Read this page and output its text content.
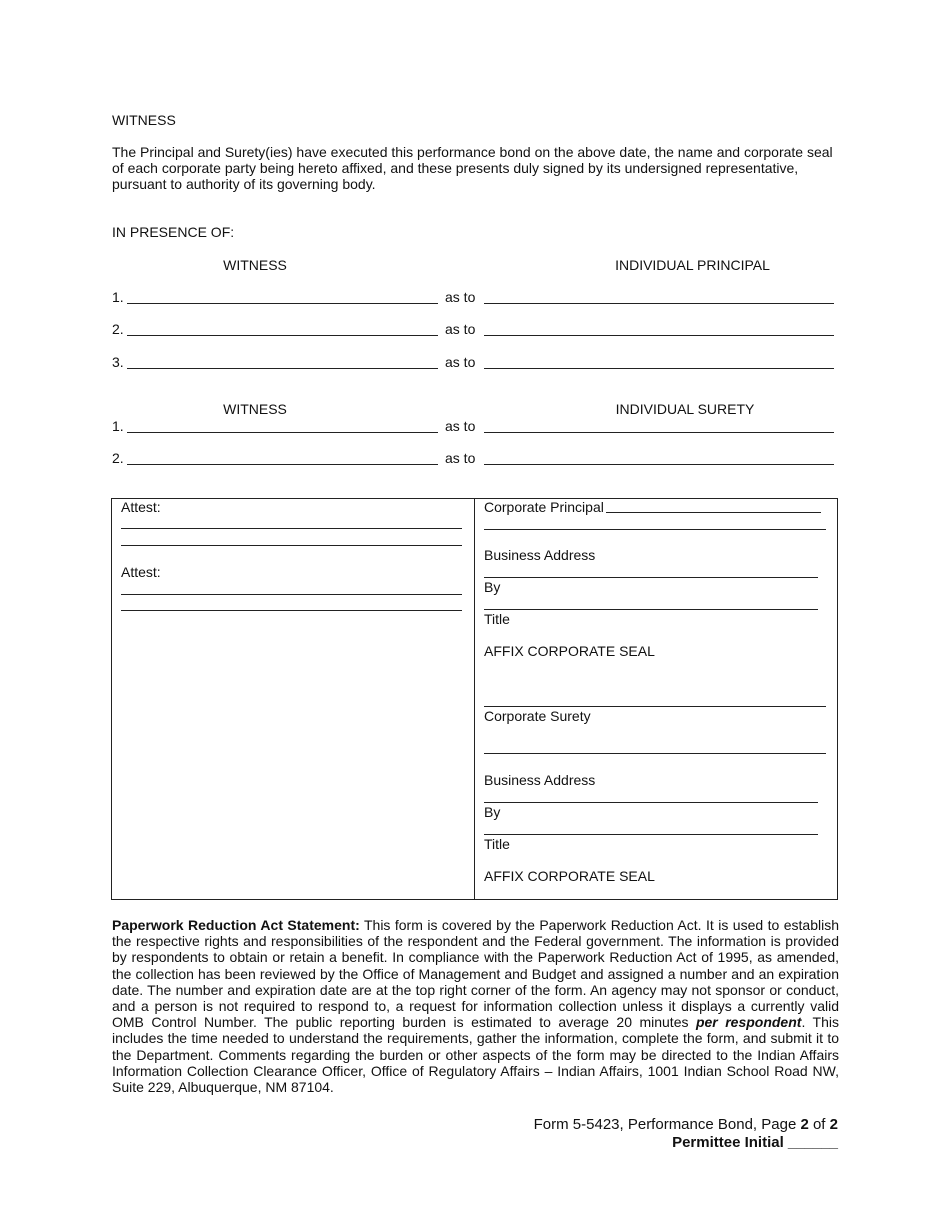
WITNESS
The Principal and Surety(ies) have executed this performance bond on the above date, the name and corporate seal of each corporate party being hereto affixed, and these presents duly signed by its undersigned representative, pursuant to authority of its governing body.
IN PRESENCE OF:
WITNESS	INDIVIDUAL PRINCIPAL
1.	as to
2.	as to
3.	as to
WITNESS	INDIVIDUAL SURETY
1.	as to
2.	as to
Attest:
Attest:
Corporate Principal
Business Address
By
Title
AFFIX CORPORATE SEAL
Corporate Surety
Business Address
By
Title
AFFIX CORPORATE SEAL
Paperwork Reduction Act Statement: This form is covered by the Paperwork Reduction Act. It is used to establish the respective rights and responsibilities of the respondent and the Federal government. The information is provided by respondents to obtain or retain a benefit. In compliance with the Paperwork Reduction Act of 1995, as amended, the collection has been reviewed by the Office of Management and Budget and assigned a number and an expiration date. The number and expiration date are at the top right corner of the form. An agency may not sponsor or conduct, and a person is not required to respond to, a request for information collection unless it displays a currently valid OMB Control Number. The public reporting burden is estimated to average 20 minutes per respondent. This includes the time needed to understand the requirements, gather the information, complete the form, and submit it to the Department. Comments regarding the burden or other aspects of the form may be directed to the Indian Affairs Information Collection Clearance Officer, Office of Regulatory Affairs – Indian Affairs, 1001 Indian School Road NW, Suite 229, Albuquerque, NM 87104.
Form 5-5423, Performance Bond, Page 2 of 2
Permittee Initial ______
